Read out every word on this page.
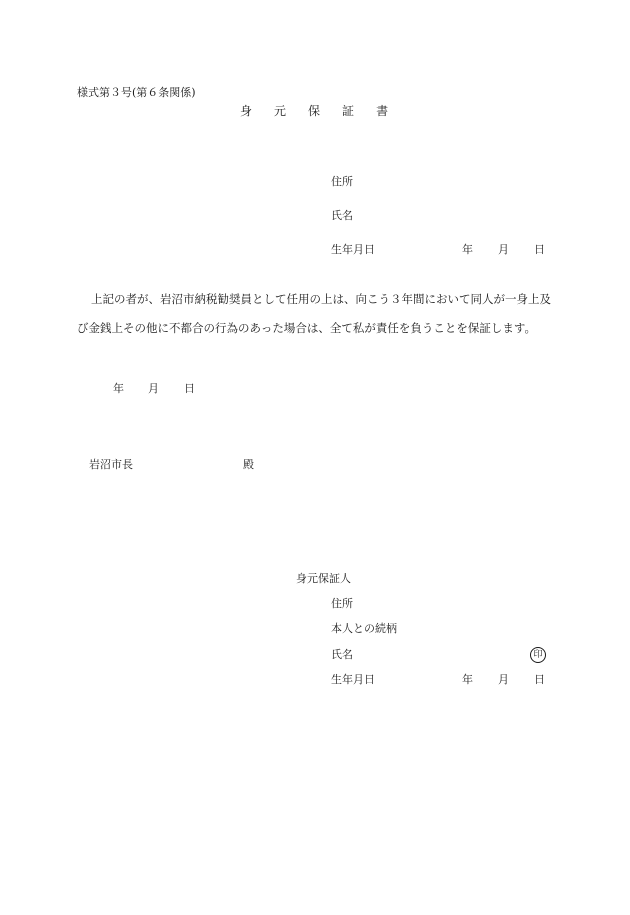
様式第３号(第６条関係)
身 元 保 証 書
住所
氏名
生年月日	年 月 日
上記の者が、岩沼市納税勧奨員として任用の上は、向こう３年間において同人が一身上及
び金銭上その他に不都合の行為のあった場合は、全て私が責任を負うことを保証します。
年 月 日
岩沼市長	殿
身元保証人
住所
本人との続柄
氏名	印
生年月日	年 月 日
